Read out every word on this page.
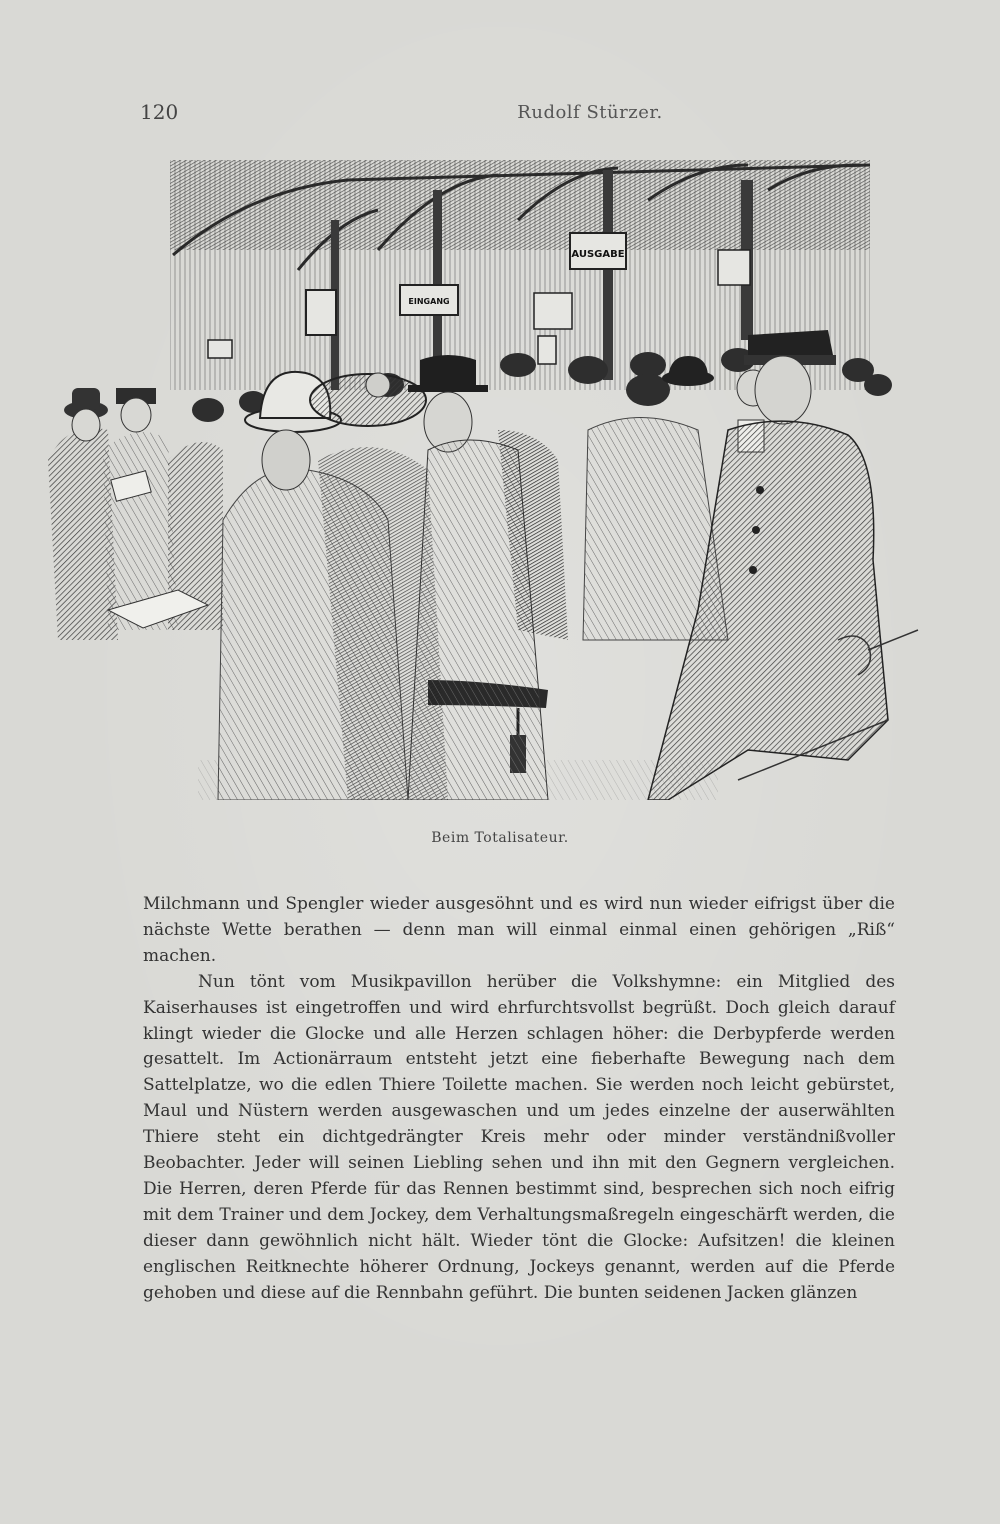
120	Rudolf Stürzer.
AUSGABE
EINGANG
Beim Totalisateur.

Milchmann und Spengler wieder ausgesöhnt und es wird nun wieder eifrigst über die nächste Wette berathen — denn man will einmal einmal einen gehörigen „Riß“ machen.

Nun tönt vom Musikpavillon herüber die Volkshymne: ein Mitglied des Kaiserhauses ist eingetroffen und wird ehrfurchtsvollst begrüßt. Doch gleich darauf klingt wieder die Glocke und alle Herzen schlagen höher: die Derbypferde werden gesattelt. Im Actionärraum entsteht jetzt eine fieberhafte Bewegung nach dem Sattelplatze, wo die edlen Thiere Toilette machen. Sie werden noch leicht gebürstet, Maul und Nüstern werden ausgewaschen und um jedes einzelne der auserwählten Thiere steht ein dichtgedrängter Kreis mehr oder minder verständnißvoller Beobachter. Jeder will seinen Liebling sehen und ihn mit den Gegnern vergleichen. Die Herren, deren Pferde für das Rennen bestimmt sind, besprechen sich noch eifrig mit dem Trainer und dem Jockey, dem Verhaltungsmaßregeln eingeschärft werden, die dieser dann gewöhnlich nicht hält. Wieder tönt die Glocke: Aufsitzen! die kleinen englischen Reitknechte höherer Ordnung, Jockeys genannt, werden auf die Pferde gehoben und diese auf die Rennbahn geführt. Die bunten seidenen Jacken glänzen
